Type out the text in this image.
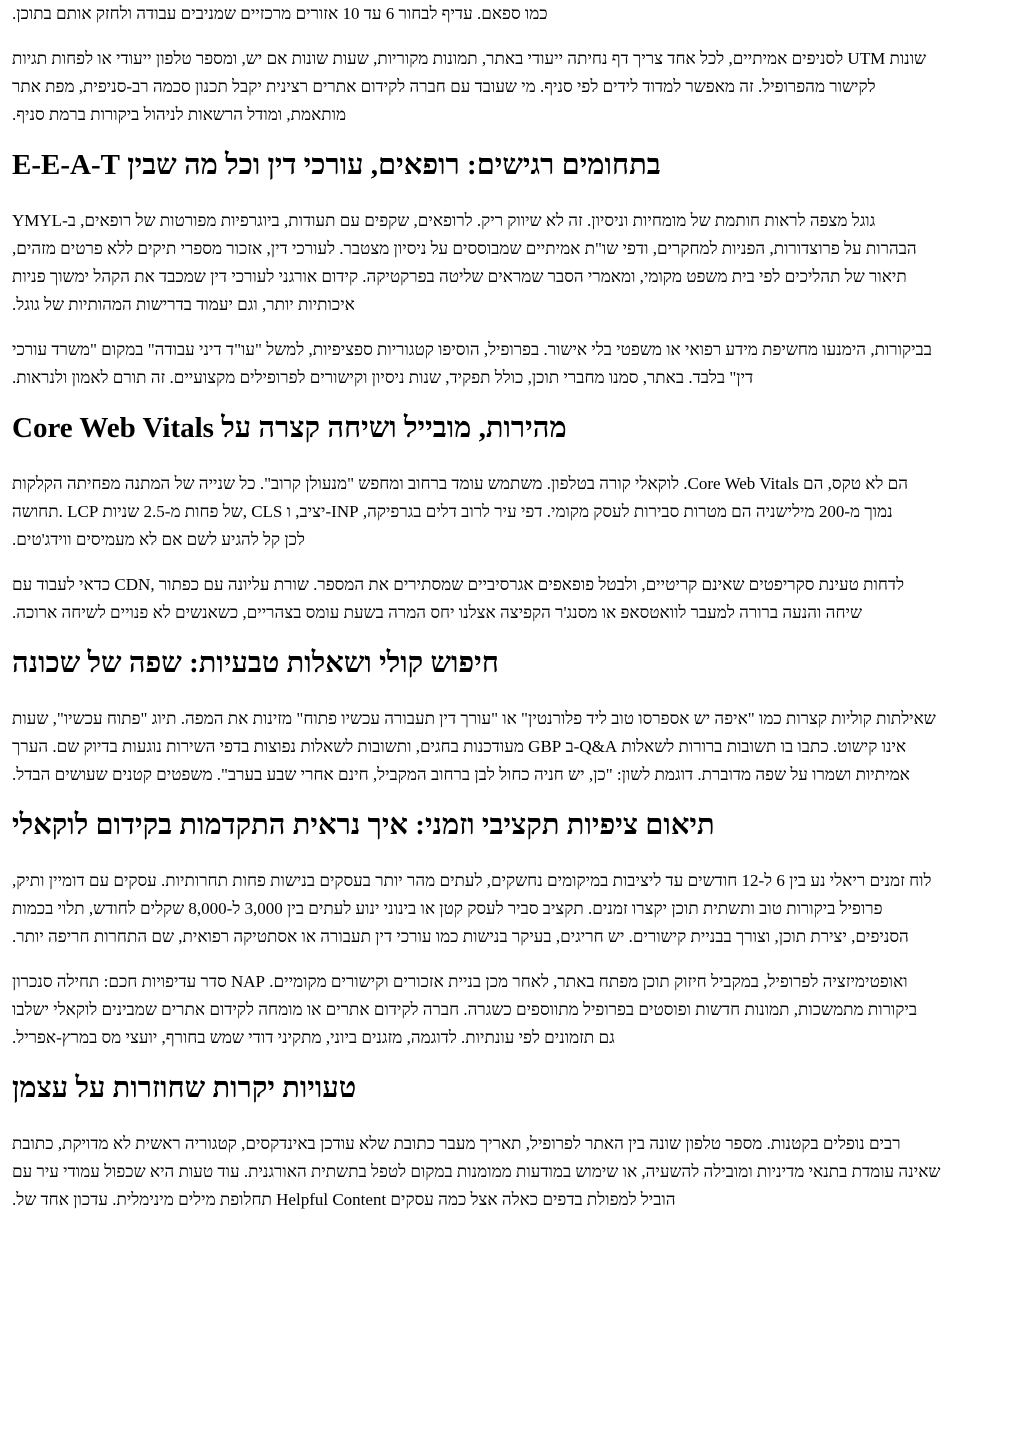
כמו ספאם. עדיף לבחור 6 עד 10 אזורים מרכזיים שמניבים עבודה ולחזק אותם בתוכן.
שונות UTM לסניפים אמיתיים, לכל אחד צריך דף נחיתה ייעודי באתר, תמונות מקוריות, שעות שונות אם יש, ומספר טלפון ייעודי או לפחות תגיות
לקישור מהפרופיל. זה מאפשר למדוד לידים לפי סניף. מי שעובד עם חברה לקידום אתרים רצינית יקבל תכנון סכמה רב-סניפית, מפת אתר
מותאמת, ומודל הרשאות לניהול ביקורות ברמת סניף.
בתחומים רגישים: רופאים, עורכי דין וכל מה שבין E-E-A-T
גוגל מצפה לראות חותמת של מומחיות וניסיון. זה לא שיווק ריק. לרופאים, שקפים עם תעודות, ביוגרפיות מפורטות של רופאים, ב-YMYL
הבהרות על פרוצדורות, הפניות למחקרים, ודפי שו"ת אמיתיים שמבוססים על ניסיון מצטבר. לעורכי דין, אזכור מספרי תיקים ללא פרטים מזהים,
תיאור של תהליכים לפי בית משפט מקומי, ומאמרי הסבר שמראים שליטה בפרקטיקה. קידום אורגני לעורכי דין שמכבד את הקהל ימשוך פניות
איכותיות יותר, וגם יעמוד בדרישות המהותיות של גוגל.
בביקורות, הימנעו מחשיפת מידע רפואי או משפטי בלי אישור. בפרופיל, הוסיפו קטגוריות ספציפיות, למשל "עו"ד דיני עבודה" במקום "משרד עורכי
דין" בלבד. באתר, סמנו מחברי תוכן, כולל תפקיד, שנות ניסיון וקישורים לפרופילים מקצועיים. זה תורם לאמון ולנראות.
מהירות, מובייל ושיחה קצרה על Core Web Vitals
הם לא טקס, הם Core Web Vitals. לוקאלי קורה בטלפון. משתמש עומד ברחוב ומחפש "מנעולן קרוב". כל שנייה של המתנה מפחיתה הקלקות
נמוך מ-200 מילישניה הם מטרות סבירות לעסק מקומי. דפי עיר לרוב דלים בגרפיקה, INP-יציב, ו CLS ,של פחות מ-2.5 שניות LCP .תחושה
לכן קל להגיע לשם אם לא מעמיסים ווידג'טים.
לדחות טעינת סקריפטים שאינם קריטיים, ולבטל פופאפים אגרסיביים שמסתירים את המספר. שורת עליונה עם כפתור ,CDN כדאי לעבוד עם
שיחה והנעה ברורה למעבר לוואטסאפ או מסנג'ר הקפיצה אצלנו יחס המרה בשעת עומס בצהריים, כשאנשים לא פנויים לשיחה ארוכה.
חיפוש קולי ושאלות טבעיות: שפה של שכונה
שאילתות קוליות קצרות כמו "איפה יש אספרסו טוב ליד פלורנטין" או "עורך דין תעבורה עכשיו פתוח" מזינות את המפה. תיוג "פתוח עכשיו", שעות
אינו קישוט. כתבו בו תשובות ברורות לשאלות Q&A-ב GBP מעודכנות בחגים, ותשובות לשאלות נפוצות בדפי השירות נוגעות בדיוק שם. הערך
אמיתיות ושמרו על שפה מדוברת. דוגמת לשון: "כן, יש חניה כחול לבן ברחוב המקביל, חינם אחרי שבע בערב". משפטים קטנים שעושים הבדל.
תיאום ציפיות תקציבי וזמני: איך נראית התקדמות בקידום לוקאלי
לוח זמנים ריאלי נע בין 6 ל-12 חודשים עד ליציבות במיקומים נחשקים, לעתים מהר יותר בעסקים בנישות פחות תחרותיות. עסקים עם דומיין ותיק,
פרופיל ביקורות טוב ותשתית תוכן יקצרו זמנים. תקציב סביר לעסק קטן או בינוני ינוע לעתים בין 3,000 ל-8,000 שקלים לחודש, תלוי בכמות
הסניפים, יצירת תוכן, וצורך בבניית קישורים. יש חריגים, בעיקר בנישות כמו עורכי דין תעבורה או אסתטיקה רפואית, שם התחרות חריפה יותר.
ואופטימיזציה לפרופיל, במקביל חיזוק תוכן מפתח באתר, לאחר מכן בניית אזכורים וקישורים מקומיים. NAP סדר עדיפויות חכם: תחילה סנכרון
ביקורות מתמשכות, תמונות חדשות ופוסטים בפרופיל מתווספים כשגרה. חברה לקידום אתרים או מומחה לקידום אתרים שמבינים לוקאלי ישלבו
גם תזמונים לפי עונתיות. לדוגמה, מזגנים ביוני, מתקיני דודי שמש בחורף, יועצי מס במרץ-אפריל.
טעויות יקרות שחוזרות על עצמן
רבים נופלים בקטנות. מספר טלפון שונה בין האתר לפרופיל, תאריך מעבר כתובת שלא עודכן באינדקסים, קטגוריה ראשית לא מדויקת, כתובת
שאינה עומדת בתנאי מדיניות ומובילה להשעיה, או שימוש במודעות ממומנות במקום לטפל בתשתית האורגנית. עוד טעות היא שכפול עמודי עיר עם
הוביל למפולת בדפים כאלה אצל כמה עסקים Helpful Content תחלופת מילים מינימלית. עדכון אחד של.
